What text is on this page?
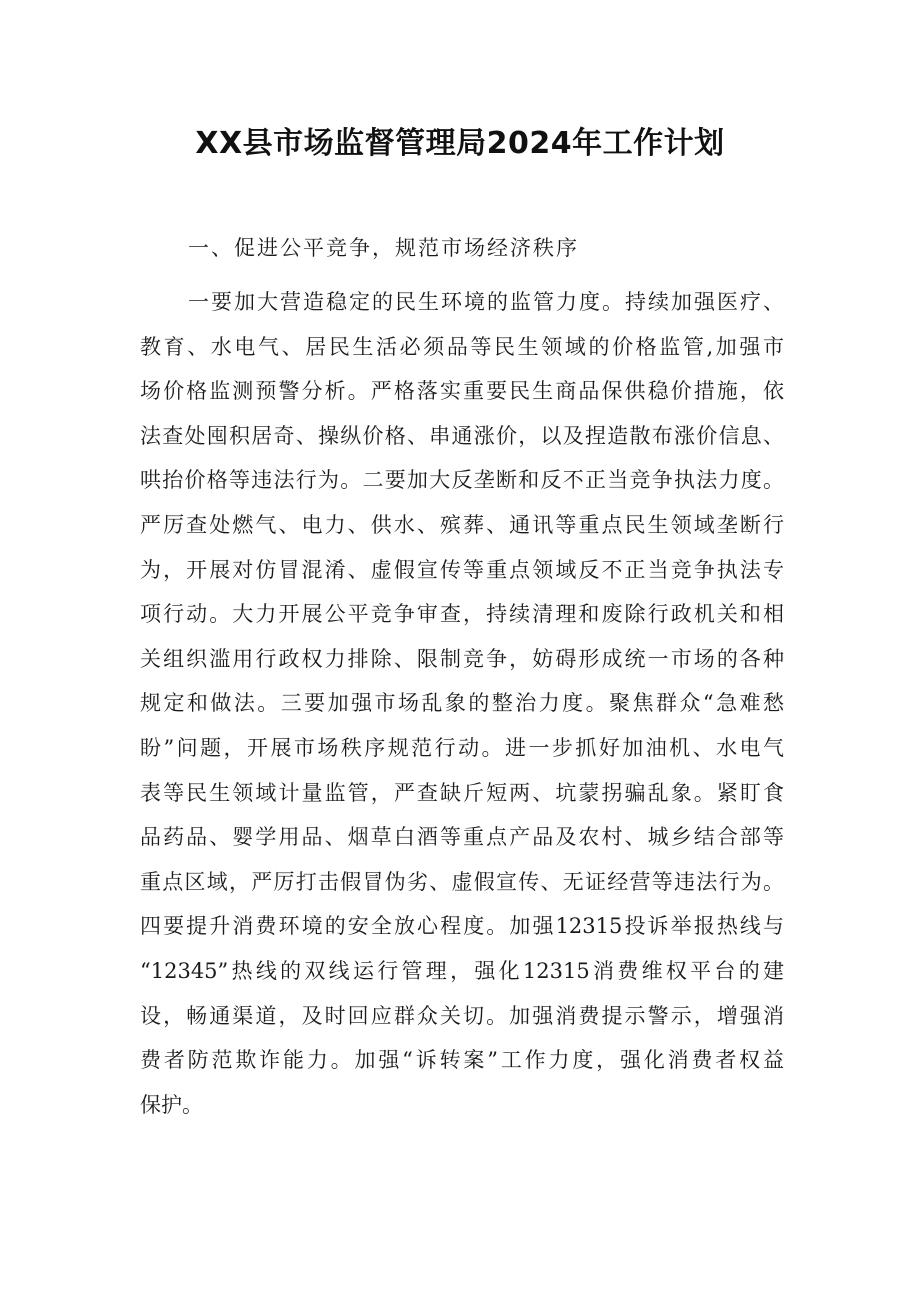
XX县市场监督管理局2024年工作计划

一、促进公平竞争，规范市场经济秩序

一要加大营造稳定的民生环境的监管力度。持续加强医疗、
教育、水电气、居民生活必须品等民生领域的价格监管,加强市
场价格监测预警分析。严格落实重要民生商品保供稳价措施，依
法查处囤积居奇、操纵价格、串通涨价，以及捏造散布涨价信息、
哄抬价格等违法行为。二要加大反垄断和反不正当竞争执法力度。
严厉查处燃气、电力、供水、殡葬、通讯等重点民生领域垄断行
为，开展对仿冒混淆、虚假宣传等重点领域反不正当竞争执法专
项行动。大力开展公平竞争审查，持续清理和废除行政机关和相
关组织滥用行政权力排除、限制竞争，妨碍形成统一市场的各种
规定和做法。三要加强市场乱象的整治力度。聚焦群众“急难愁
盼”问题，开展市场秩序规范行动。进一步抓好加油机、水电气
表等民生领域计量监管，严查缺斤短两、坑蒙拐骗乱象。紧盯食
品药品、婴学用品、烟草白酒等重点产品及农村、城乡结合部等
重点区域，严厉打击假冒伪劣、虚假宣传、无证经营等违法行为。
四要提升消费环境的安全放心程度。加强12315投诉举报热线与
“12345”热线的双线运行管理，强化12315消费维权平台的建
设，畅通渠道，及时回应群众关切。加强消费提示警示，增强消
费者防范欺诈能力。加强“诉转案”工作力度，强化消费者权益
保护。
